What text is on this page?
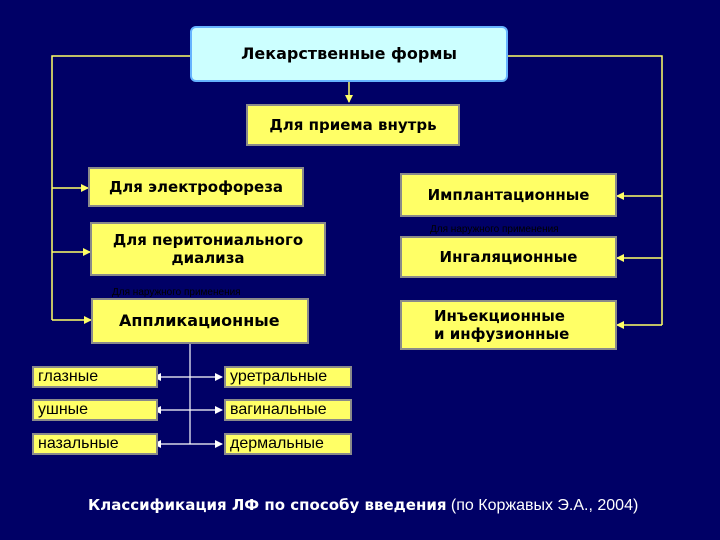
Лекарственные формы
Для приема внутрь
Для электрофореза
Для перитониального
диализа
Для наружного применения
Аппликационные
Имплантационные
Для наружного применения
Ингаляционные
Инъекционные
и инфузионные
глазные
ушные
назальные
уретральные
вагинальные
дермальные
Классификация ЛФ по способу введения (по Коржавых Э.А., 2004)
